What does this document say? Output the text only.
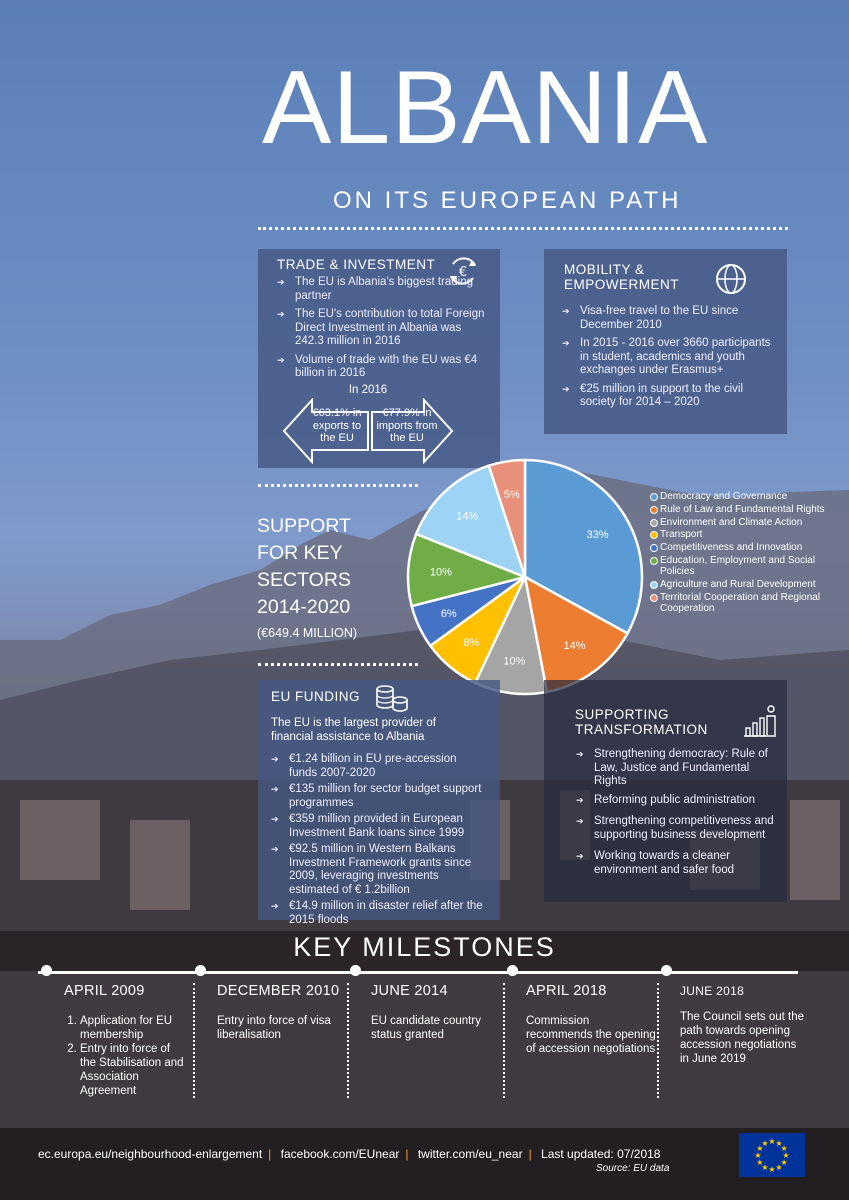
ALBANIA
ON ITS EUROPEAN PATH
TRADE & INVESTMENT
€
➔ The EU is Albania's biggest trading partner
➔ The EU's contribution to total Foreign Direct Investment in Albania was 242.3 million in 2016
➔ Volume of trade with the EU was €4 billion in 2016
In 2016
€63.1% in exports to the EU
€77.9% in imports from the EU
MOBILITY & EMPOWERMENT
➔ Visa-free travel to the EU since December 2010
➔ In 2015 - 2016 over 3660 participants in student, academics and youth exchanges under Erasmus+
➔ €25 million in support to the civil society for 2014 – 2020
SUPPORT
FOR KEY
SECTORS
2014-2020
(€649.4 MILLION)
33%
14%
10%
8%
6%
10%
14%
5%	Democracy and Governance
Rule of Law and Fundamental Rights
Environment and Climate Action
Transport
Competitiveness and Innovation
Education, Employment and Social Policies
Agriculture and Rural Development
Territorial Cooperation and Regional Cooperation
EU FUNDING
The EU is the largest provider of financial assistance to Albania
➔ €1.24 billion in EU pre-accession funds 2007-2020
➔ €135 million for sector budget support programmes
➔ €359 million provided in European Investment Bank loans since 1999
➔ €92.5 million in Western Balkans Investment Framework grants since 2009, leveraging investments estimated of € 1.2billion
➔ €14.9 million in disaster relief after the 2015 floods
SUPPORTING TRANSFORMATION
➔ Strengthening democracy: Rule of Law, Justice and Fundamental Rights
➔ Reforming public administration
➔ Strengthening competitiveness and supporting business development
➔ Working towards a cleaner environment and safer food
KEY MILESTONES
APRIL 2009
1. Application for EU membership
2. Entry into force of the Stabilisation and Association Agreement
DECEMBER 2010
Entry into force of visa liberalisation
JUNE 2014
EU candidate country status granted
APRIL 2018
Commission recommends the opening of accession negotiations
JUNE 2018
The Council sets out the path towards opening accession negotiations in June 2019
ec.europa.eu/neighbourhood-enlargement | facebook.com/EUnear | twitter.com/eu_near | Last updated: 07/2018
Source: EU data
★ ★
★
★
★
★
★
★
★
★
★
★
